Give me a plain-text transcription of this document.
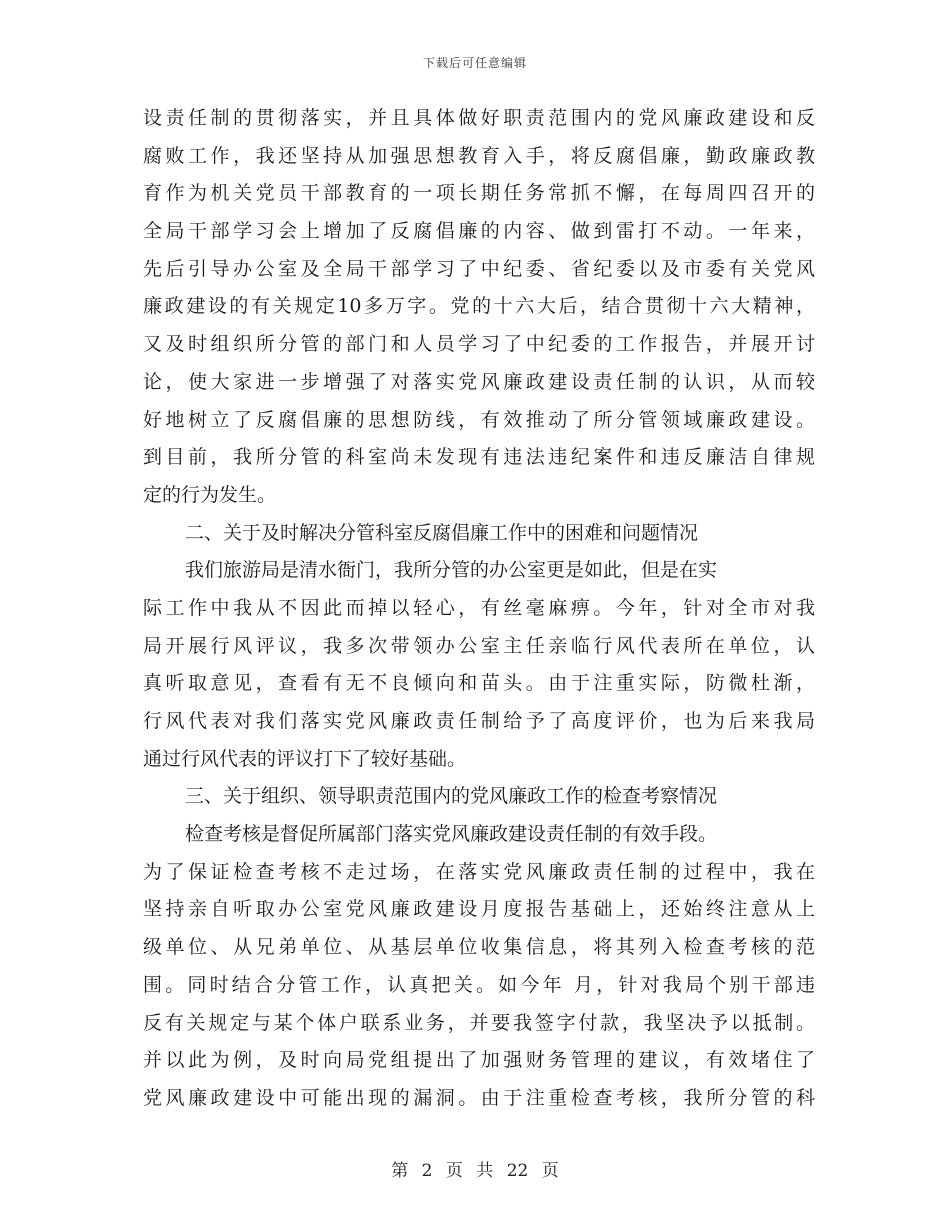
下载后可任意编辑
设责任制的贯彻落实，并且具体做好职责范围内的党风廉政建设和反
腐败工作，我还坚持从加强思想教育入手，将反腐倡廉，勤政廉政教
育作为机关党员干部教育的一项长期任务常抓不懈，在每周四召开的
全局干部学习会上增加了反腐倡廉的内容、做到雷打不动。一年来，
先后引导办公室及全局干部学习了中纪委、省纪委以及市委有关党风
廉政建设的有关规定10多万字。党的十六大后，结合贯彻十六大精神，
又及时组织所分管的部门和人员学习了中纪委的工作报告，并展开讨
论，使大家进一步增强了对落实党风廉政建设责任制的认识，从而较
好地树立了反腐倡廉的思想防线，有效推动了所分管领域廉政建设。
到目前，我所分管的科室尚未发现有违法违纪案件和违反廉洁自律规
定的行为发生。
二、关于及时解决分管科室反腐倡廉工作中的困难和问题情况
我们旅游局是清水衙门，我所分管的办公室更是如此，但是在实
际工作中我从不因此而掉以轻心，有丝毫麻痹。今年，针对全市对我
局开展行风评议，我多次带领办公室主任亲临行风代表所在单位，认
真听取意见，查看有无不良倾向和苗头。由于注重实际，防微杜渐，
行风代表对我们落实党风廉政责任制给予了高度评价，也为后来我局
通过行风代表的评议打下了较好基础。
三、关于组织、领导职责范围内的党风廉政工作的检查考察情况
检查考核是督促所属部门落实党风廉政建设责任制的有效手段。
为了保证检查考核不走过场，在落实党风廉政责任制的过程中，我在
坚持亲自听取办公室党风廉政建设月度报告基础上，还始终注意从上
级单位、从兄弟单位、从基层单位收集信息，将其列入检查考核的范
围。同时结合分管工作，认真把关。如今年 月，针对我局个别干部违
反有关规定与某个体户联系业务，并要我签字付款，我坚决予以抵制。
并以此为例，及时向局党组提出了加强财务管理的建议，有效堵住了
党风廉政建设中可能出现的漏洞。由于注重检查考核，我所分管的科
第 2 页 共 22 页
